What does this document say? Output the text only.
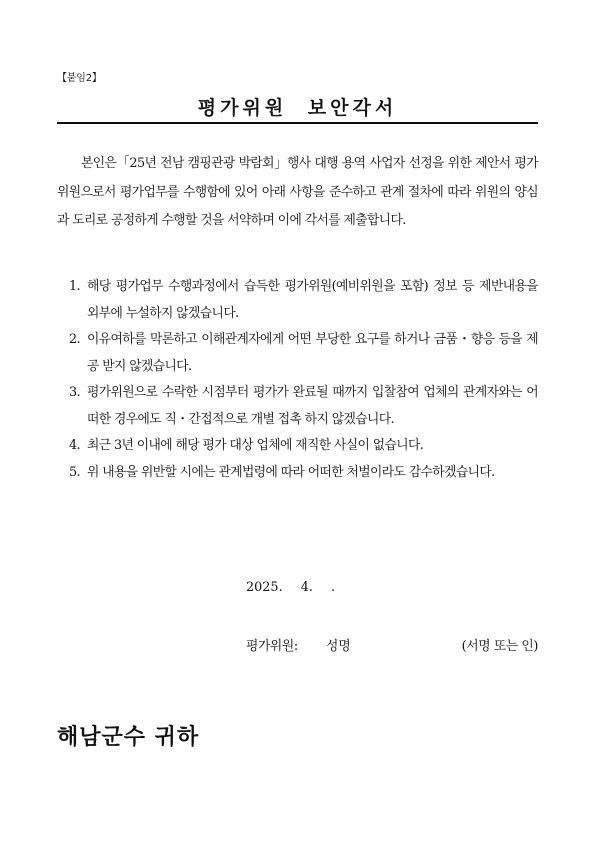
【붙임2】
평가위원 보안각서

본인은「25년 전남 캠핑관광 박람회」행사 대행 용역 사업자 선정을 위한 제안서 평가위원으로서 평가업무를 수행함에 있어 아래 사항을 준수하고 관계 절차에 따라 위원의 양심과 도리로 공정하게 수행할 것을 서약하며 이에 각서를 제출합니다.

1. 해당 평가업무 수행과정에서 습득한 평가위원(예비위원을 포함) 정보 등 제반내용을 외부에 누설하지 않겠습니다.
2. 이유여하를 막론하고 이해관계자에게 어떤 부당한 요구를 하거나 금품・향응 등을 제공 받지 않겠습니다.
3. 평가위원으로 수락한 시점부터 평가가 완료될 때까지 입찰참여 업체의 관계자와는 어떠한 경우에도 직・간접적으로 개별 접촉 하지 않겠습니다.
4. 최근 3년 이내에 해당 평가 대상 업체에 재직한 사실이 없습니다.
5. 위 내용을 위반할 시에는 관계법령에 따라 어떠한 처벌이라도 감수하겠습니다.
2025. 4. .
평가위원: 성명	(서명 또는 인)
해남군수 귀하
